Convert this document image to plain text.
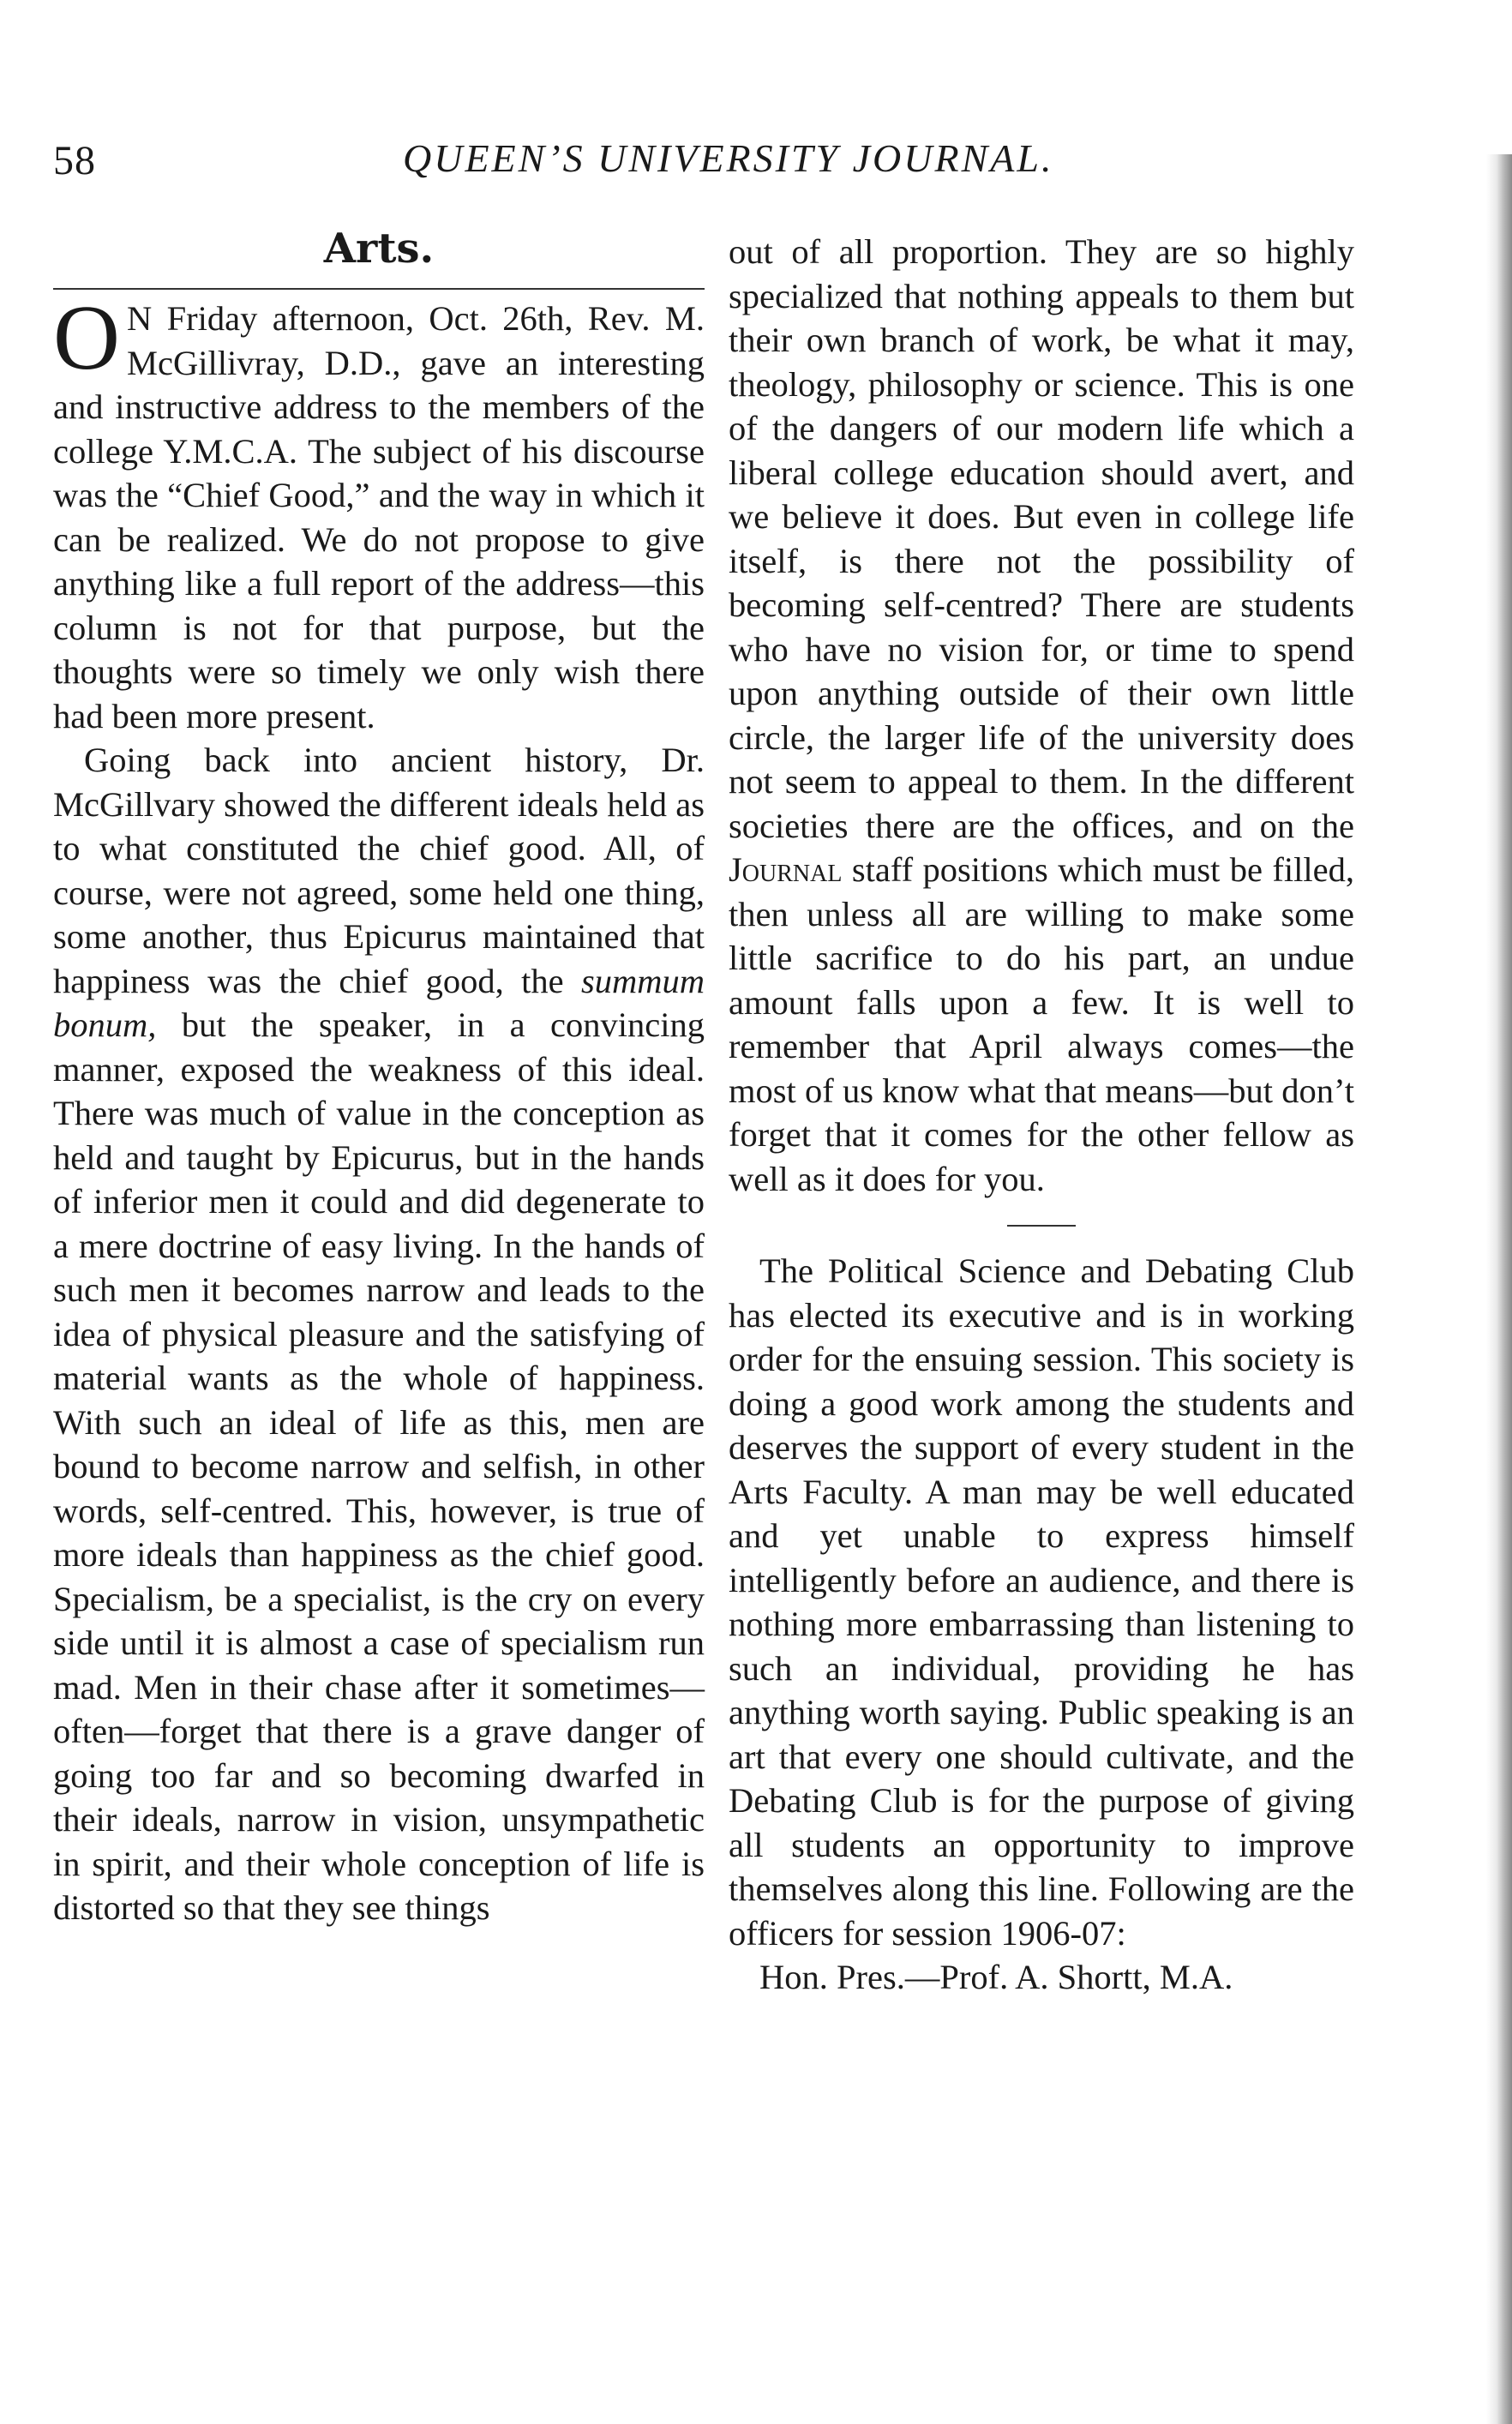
58	QUEEN’S UNIVERSITY JOURNAL.
Arts.

ON Friday afternoon, Oct. 26th, Rev. M. McGillivray, D.D., gave an interesting and instructive address to the members of the college Y.M.C.A. The subject of his discourse was the “Chief Good,” and the way in which it can be realized. We do not propose to give anything like a full report of the address—this column is not for that purpose, but the thoughts were so timely we only wish there had been more present.

Going back into ancient history, Dr. McGillvary showed the different ideals held as to what constituted the chief good. All, of course, were not agreed, some held one thing, some another, thus Epicurus maintained that happiness was the chief good, the summum bonum, but the speaker, in a convincing manner, exposed the weakness of this ideal. There was much of value in the conception as held and taught by Epicurus, but in the hands of inferior men it could and did degenerate to a mere doctrine of easy living. In the hands of such men it becomes narrow and leads to the idea of physical pleasure and the satisfying of material wants as the whole of happiness. With such an ideal of life as this, men are bound to become narrow and selfish, in other words, self-centred. This, however, is true of more ideals than happiness as the chief good. Specialism, be a specialist, is the cry on every side until it is almost a case of specialism run mad. Men in their chase after it sometimes—often—forget that there is a grave danger of going too far and so becoming dwarfed in their ideals, narrow in vision, unsympathetic in spirit, and their whole conception of life is distorted so that they see things

out of all proportion. They are so highly specialized that nothing appeals to them but their own branch of work, be what it may, theology, philosophy or science. This is one of the dangers of our modern life which a liberal college education should avert, and we believe it does. But even in college life itself, is there not the possibility of becoming self-centred? There are students who have no vision for, or time to spend upon anything outside of their own little circle, the larger life of the university does not seem to appeal to them. In the different societies there are the offices, and on the Journal staff positions which must be filled, then unless all are willing to make some little sacrifice to do his part, an undue amount falls upon a few. It is well to remember that April always comes—the most of us know what that means—but don’t forget that it comes for the other fellow as well as it does for you.

The Political Science and Debating Club has elected its executive and is in working order for the ensuing session. This society is doing a good work among the students and deserves the support of every student in the Arts Faculty. A man may be well educated and yet unable to express himself intelligently before an audience, and there is nothing more embarrassing than listening to such an individual, providing he has anything worth saying. Public speaking is an art that every one should cultivate, and the Debating Club is for the purpose of giving all students an opportunity to improve themselves along this line. Following are the officers for session 1906-07:

Hon. Pres.—Prof. A. Shortt, M.A.
